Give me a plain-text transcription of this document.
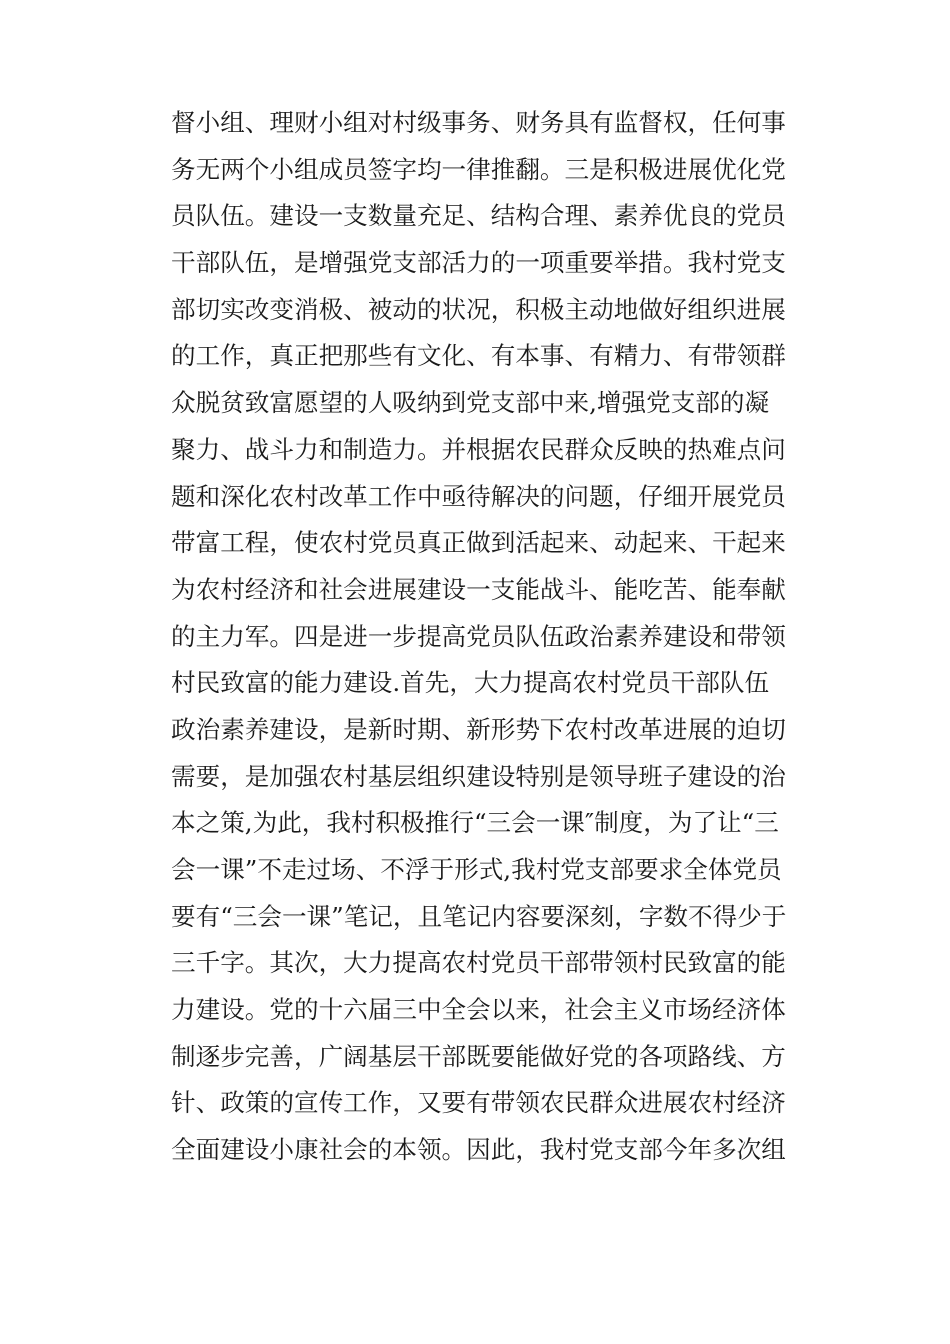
督小组、理财小组对村级事务、财务具有监督权，任何事
务无两个小组成员签字均一律推翻。三是积极进展优化党
员队伍。建设一支数量充足、结构合理、素养优良的党员
干部队伍，是增强党支部活力的一项重要举措。我村党支
部切实改变消极、被动的状况，积极主动地做好组织进展
的工作，真正把那些有文化、有本事、有精力、有带领群
众脱贫致富愿望的人吸纳到党支部中来,增强党支部的凝
聚力、战斗力和制造力。并根据农民群众反映的热难点问
题和深化农村改革工作中亟待解决的问题，仔细开展党员
带富工程，使农村党员真正做到活起来、动起来、干起来
为农村经济和社会进展建设一支能战斗、能吃苦、能奉献
的主力军。四是进一步提高党员队伍政治素养建设和带领
村民致富的能力建设.首先，大力提高农村党员干部队伍
政治素养建设，是新时期、新形势下农村改革进展的迫切
需要，是加强农村基层组织建设特别是领导班子建设的治
本之策,为此，我村积极推行“三会一课″制度，为了让“三
会一课”不走过场、不浮于形式,我村党支部要求全体党员
要有“三会一课”笔记，且笔记内容要深刻，字数不得少于
三千字。其次，大力提高农村党员干部带领村民致富的能
力建设。党的十六届三中全会以来，社会主义市场经济体
制逐步完善，广阔基层干部既要能做好党的各项路线、方
针、政策的宣传工作，又要有带领农民群众进展农村经济
全面建设小康社会的本领。因此，我村党支部今年多次组
